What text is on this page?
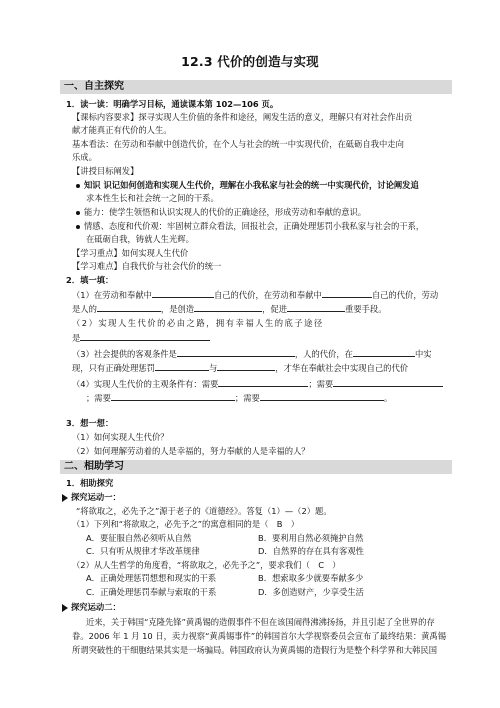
12.3 代价的创造与实现
一、自主探究
1．读一读：明确学习目标，通读课本第 102—106 页。
【课标内容要求】探寻实现人生价值的条件和途径，阐发生活的意义，理解只有对社会作出贡
献才能真正有代价的人生。
基本看法：在劳动和奉献中创造代价，在个人与社会的统一中实现代价，在砥砺自我中走向
乐成。
【讲授目标阐发】
知识 识记如何创造和实现人生代价，理解在小我私家与社会的统一中实现代价，讨论阐发追
求本性生长和社会统一之间的干系。
能力：使学生领悟和认识实现人的代价的正确途径，形成劳动和奉献的意识。
情感、态度和代价观：牢固树立群众看法，回报社会，正确处理惩罚小我私家与社会的干系，
在砥砺自我，铸就人生光辉。
【学习重点】如何实现人生代价
【学习难点】自我代价与社会代价的统一
2．填一填：
（1）在劳动和奉献中	自己的代价，在劳动和奉献中	自己的代价，劳动
是人的	，是创造	，促进	重要手段。
（2）实现人生代价的必由之路，拥有幸福人生的底子途径
是
（3）社会提供的客观条件是	，人的代价，在	中实
现，只有正确处理惩罚	与	，才华在奉献社会中实现自己的代价
（4）实现人生代价的主观条件有：需要	；需要
；需要	；需要	。
3．想一想：
（1）如何实现人生代价？
（2）如何理解劳动着的人是幸福的，努力奉献的人是幸福的人？
二、相助学习
1．相助探究
探究运动一：
“将欲取之，必先予之”源于老子的《道德经》。答复（1）—（2）题。
（1）下列和“将欲取之，必先予之”的寓意相同的是（　B　）
A．要征服自然必须听从自然	B．要利用自然必须掩护自然
C．只有听从规律才华改革规律	D．自然界的存在具有客观性
（2）从人生哲学的角度看，“将欲取之，必先予之”，要求我们（　C　）
A．正确处理惩罚想想和现实的干系	B．想索取多少就要奉献多少
C．正确处理惩罚奉献与索取的干系	D．多创造财产，少享受生活
探究运动二：
近来，关于韩国“克隆先锋”黄禹锡的造假事件不但在该国闹得沸沸扬扬，并且引起了全世界的存
眷。2006 年 1 月 10 日，卖力视察“黄禹锡事件”的韩国首尔大学视察委员会宣布了最终结果：黄禹锡
所谓突破性的干细胞结果其实是一场骗局。韩国政府认为黄禹锡的造假行为是整个科学界和大韩民国
